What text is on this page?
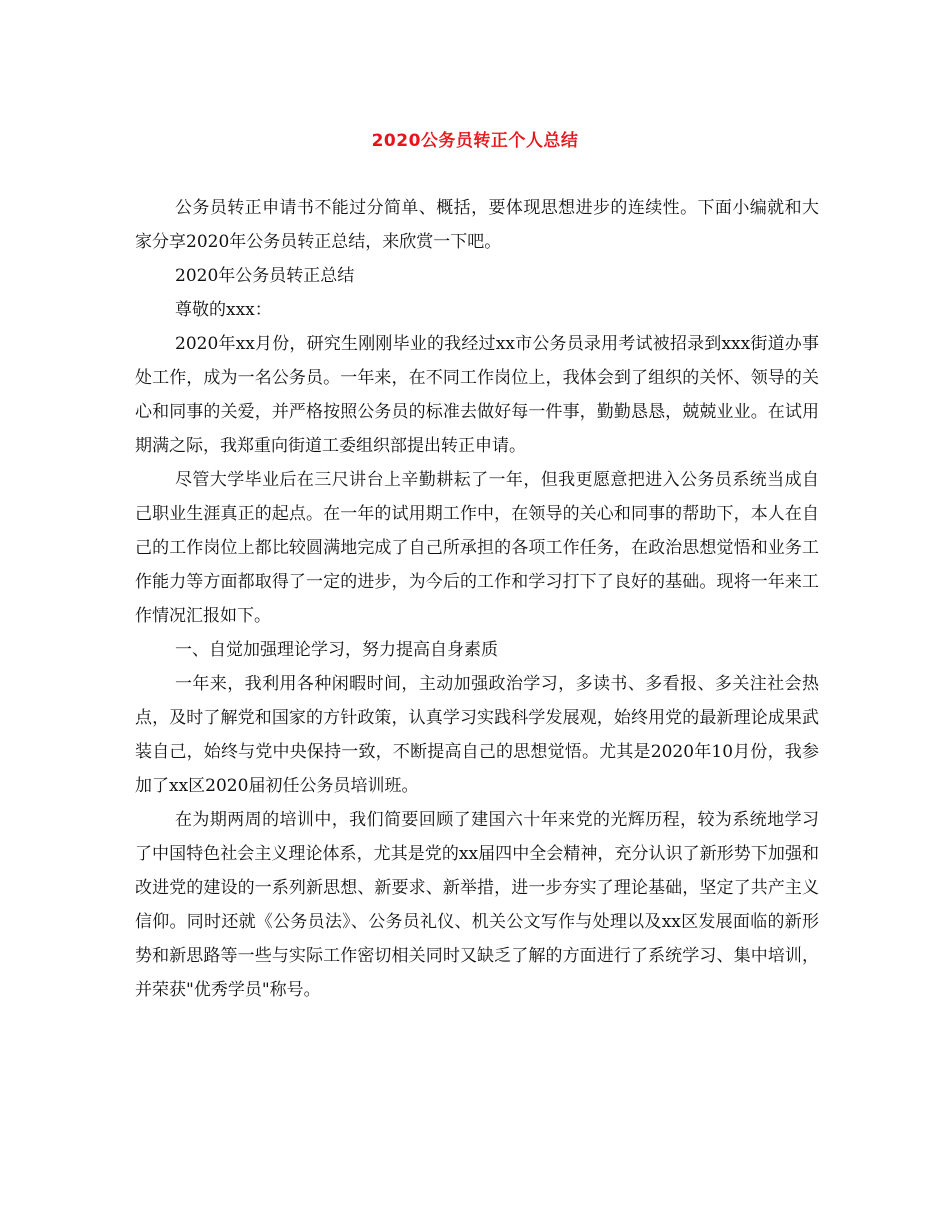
2020公务员转正个人总结

公务员转正申请书不能过分简单、概括，要体现思想进步的连续性。下面小编就和大家分享2020年公务员转正总结，来欣赏一下吧。

2020年公务员转正总结

尊敬的xxx：

2020年xx月份，研究生刚刚毕业的我经过xx市公务员录用考试被招录到xxx街道办事处工作，成为一名公务员。一年来，在不同工作岗位上，我体会到了组织的关怀、领导的关心和同事的关爱，并严格按照公务员的标准去做好每一件事，勤勤恳恳，兢兢业业。在试用期满之际，我郑重向街道工委组织部提出转正申请。

尽管大学毕业后在三尺讲台上辛勤耕耘了一年，但我更愿意把进入公务员系统当成自己职业生涯真正的起点。在一年的试用期工作中，在领导的关心和同事的帮助下，本人在自己的工作岗位上都比较圆满地完成了自己所承担的各项工作任务，在政治思想觉悟和业务工作能力等方面都取得了一定的进步，为今后的工作和学习打下了良好的基础。现将一年来工作情况汇报如下。

一、自觉加强理论学习，努力提高自身素质

一年来，我利用各种闲暇时间，主动加强政治学习，多读书、多看报、多关注社会热点，及时了解党和国家的方针政策，认真学习实践科学发展观，始终用党的最新理论成果武装自己，始终与党中央保持一致，不断提高自己的思想觉悟。尤其是2020年10月份，我参加了xx区2020届初任公务员培训班。

在为期两周的培训中，我们简要回顾了建国六十年来党的光辉历程，较为系统地学习了中国特色社会主义理论体系，尤其是党的xx届四中全会精神，充分认识了新形势下加强和改进党的建设的一系列新思想、新要求、新举措，进一步夯实了理论基础，坚定了共产主义信仰。同时还就《公务员法》、公务员礼仪、机关公文写作与处理以及xx区发展面临的新形势和新思路等一些与实际工作密切相关同时又缺乏了解的方面进行了系统学习、集中培训，并荣获"优秀学员"称号。
